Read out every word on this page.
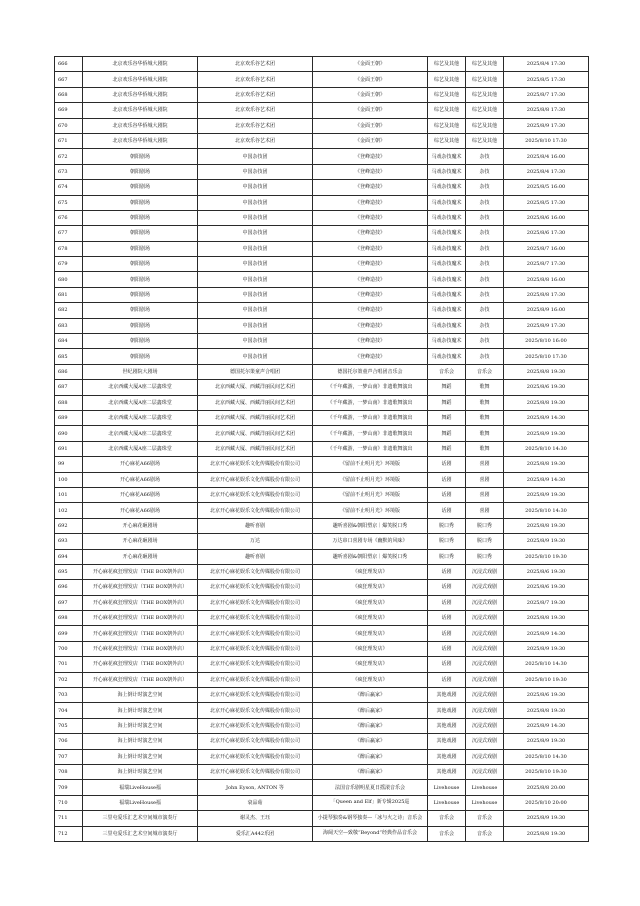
666	北京欢乐谷华侨城大剧院	北京欢乐谷艺术团	《金面王朝》	综艺及其他	综艺及其他	2025/8/4 17:30
667	北京欢乐谷华侨城大剧院	北京欢乐谷艺术团	《金面王朝》	综艺及其他	综艺及其他	2025/8/5 17:30
668	北京欢乐谷华侨城大剧院	北京欢乐谷艺术团	《金面王朝》	综艺及其他	综艺及其他	2025/8/7 17:30
669	北京欢乐谷华侨城大剧院	北京欢乐谷艺术团	《金面王朝》	综艺及其他	综艺及其他	2025/8/8 17:30
670	北京欢乐谷华侨城大剧院	北京欢乐谷艺术团	《金面王朝》	综艺及其他	综艺及其他	2025/8/9 17:30
671	北京欢乐谷华侨城大剧院	北京欢乐谷艺术团	《金面王朝》	综艺及其他	综艺及其他	2025/8/10 17:30
672	朝阳剧场	中国杂技团	《登峰造技》	马戏杂技魔术	杂技	2025/8/4 16:00
673	朝阳剧场	中国杂技团	《登峰造技》	马戏杂技魔术	杂技	2025/8/4 17:30
674	朝阳剧场	中国杂技团	《登峰造技》	马戏杂技魔术	杂技	2025/8/5 16:00
675	朝阳剧场	中国杂技团	《登峰造技》	马戏杂技魔术	杂技	2025/8/5 17:30
676	朝阳剧场	中国杂技团	《登峰造技》	马戏杂技魔术	杂技	2025/8/6 16:00
677	朝阳剧场	中国杂技团	《登峰造技》	马戏杂技魔术	杂技	2025/8/6 17:30
678	朝阳剧场	中国杂技团	《登峰造技》	马戏杂技魔术	杂技	2025/8/7 16:00
679	朝阳剧场	中国杂技团	《登峰造技》	马戏杂技魔术	杂技	2025/8/7 17:30
680	朝阳剧场	中国杂技团	《登峰造技》	马戏杂技魔术	杂技	2025/8/8 16:00
681	朝阳剧场	中国杂技团	《登峰造技》	马戏杂技魔术	杂技	2025/8/8 17:30
682	朝阳剧场	中国杂技团	《登峰造技》	马戏杂技魔术	杂技	2025/8/9 16:00
683	朝阳剧场	中国杂技团	《登峰造技》	马戏杂技魔术	杂技	2025/8/9 17:30
684	朝阳剧场	中国杂技团	《登峰造技》	马戏杂技魔术	杂技	2025/8/10 16:00
685	朝阳剧场	中国杂技团	《登峰造技》	马戏杂技魔术	杂技	2025/8/10 17:30
686	世纪剧院大剧场	德国托尔策童声合唱团	德国托尔策童声合唱团音乐会	音乐会	音乐会	2025/8/8 19:30
687	北京西藏大厦A座二层鑫珠堂	北京西藏大厦、西藏洋丽民间艺术团	《千年藏游，一梦山南》非遗歌舞演出	舞蹈	歌舞	2025/8/6 19:30
688	北京西藏大厦A座二层鑫珠堂	北京西藏大厦、西藏洋丽民间艺术团	《千年藏游，一梦山南》非遗歌舞演出	舞蹈	歌舞	2025/8/8 19:30
689	北京西藏大厦A座二层鑫珠堂	北京西藏大厦、西藏洋丽民间艺术团	《千年藏游，一梦山南》非遗歌舞演出	舞蹈	歌舞	2025/8/9 14:30
690	北京西藏大厦A座二层鑫珠堂	北京西藏大厦、西藏洋丽民间艺术团	《千年藏游，一梦山南》非遗歌舞演出	舞蹈	歌舞	2025/8/9 19:30
691	北京西藏大厦A座二层鑫珠堂	北京西藏大厦、西藏洋丽民间艺术团	《千年藏游，一梦山南》非遗歌舞演出	舞蹈	歌舞	2025/8/10 14:30
99	开心麻花A66剧场	北京开心麻花娱乐文化传媒股份有限公司	《留前不止明月光》环境版	话剧	喜剧	2025/8/8 19:30
100	开心麻花A66剧场	北京开心麻花娱乐文化传媒股份有限公司	《留前不止明月光》环境版	话剧	喜剧	2025/8/9 14:30
101	开心麻花A66剧场	北京开心麻花娱乐文化传媒股份有限公司	《留前不止明月光》环境版	话剧	喜剧	2025/8/9 19:30
102	开心麻花A66剧场	北京开心麻花娱乐文化传媒股份有限公司	《留前不止明月光》环境版	话剧	喜剧	2025/8/10 14:30
692	开心麻花砸剧场	趣听喜剧	趣听喜剧&朝阳塑京｜爆笑脱口秀	脱口秀	脱口秀	2025/8/8 19:30
693	开心麻花砸剧场	万达	万达串口喜剧专场《幽默的风味》	脱口秀	脱口秀	2025/8/9 19:30
694	开心麻花砸剧场	趣听喜剧	趣听喜剧&朝阳塑京｜爆笑脱口秀	脱口秀	脱口秀	2025/8/10 19:30
695	开心麻花疯狂理发店（THE BOX朝外店）	北京开心麻花娱乐文化传媒股份有限公司	《疯狂理发店》	话剧	沉浸式戏剧	2025/8/6 19:30
696	开心麻花疯狂理发店（THE BOX朝外店）	北京开心麻花娱乐文化传媒股份有限公司	《疯狂理发店》	话剧	沉浸式戏剧	2025/8/6 19:30
697	开心麻花疯狂理发店（THE BOX朝外店）	北京开心麻花娱乐文化传媒股份有限公司	《疯狂理发店》	话剧	沉浸式戏剧	2025/8/7 19:30
698	开心麻花疯狂理发店（THE BOX朝外店）	北京开心麻花娱乐文化传媒股份有限公司	《疯狂理发店》	话剧	沉浸式戏剧	2025/8/8 19:30
699	开心麻花疯狂理发店（THE BOX朝外店）	北京开心麻花娱乐文化传媒股份有限公司	《疯狂理发店》	话剧	沉浸式戏剧	2025/8/9 14:30
700	开心麻花疯狂理发店（THE BOX朝外店）	北京开心麻花娱乐文化传媒股份有限公司	《疯狂理发店》	话剧	沉浸式戏剧	2025/8/9 19:30
701	开心麻花疯狂理发店（THE BOX朝外店）	北京开心麻花娱乐文化传媒股份有限公司	《疯狂理发店》	话剧	沉浸式戏剧	2025/8/10 14:30
702	开心麻花疯狂理发店（THE BOX朝外店）	北京开心麻花娱乐文化传媒股份有限公司	《疯狂理发店》	话剧	沉浸式戏剧	2025/8/10 19:30
703	海上倒计时演艺空间	北京开心麻花娱乐文化传媒股份有限公司	《醉后赢家》	其他戏剧	沉浸式戏剧	2025/8/6 19:30
704	海上倒计时演艺空间	北京开心麻花娱乐文化传媒股份有限公司	《醉后赢家》	其他戏剧	沉浸式戏剧	2025/8/8 19:30
705	海上倒计时演艺空间	北京开心麻花娱乐文化传媒股份有限公司	《醉后赢家》	其他戏剧	沉浸式戏剧	2025/8/9 14:30
706	海上倒计时演艺空间	北京开心麻花娱乐文化传媒股份有限公司	《醉后赢家》	其他戏剧	沉浸式戏剧	2025/8/9 19:30
707	海上倒计时演艺空间	北京开心麻花娱乐文化传媒股份有限公司	《醉后赢家》	其他戏剧	沉浸式戏剧	2025/8/10 14:30
708	海上倒计时演艺空间	北京开心麻花娱乐文化传媒股份有限公司	《醉后赢家》	其他戏剧	沉浸式戏剧	2025/8/10 19:30
709	福瑞LiveHouse福	John Eyson, ANTON 等	法国音乐剧明星夏日摇滚音乐会	Livehouse	Livehouse	2025/8/8 20:00
710	福瑞LiveHouse福	衰品菇	「Queen and Elf」新专辑2025巡	Livehouse	Livehouse	2025/8/10 20:00
711	三里屯爱乐汇艺术空间城市演奏厅	谢灵杰、王珏	小提琴独奏&钢琴独奏—「冰与火之诗」音乐会	音乐会	音乐会	2025/8/9 19:30
712	三里屯爱乐汇艺术空间城市演奏厅	爱乐汇A442乐团	海阔天空—致敬“Beyond”经典作品音乐会	音乐会	音乐会	2025/8/8 19:30
